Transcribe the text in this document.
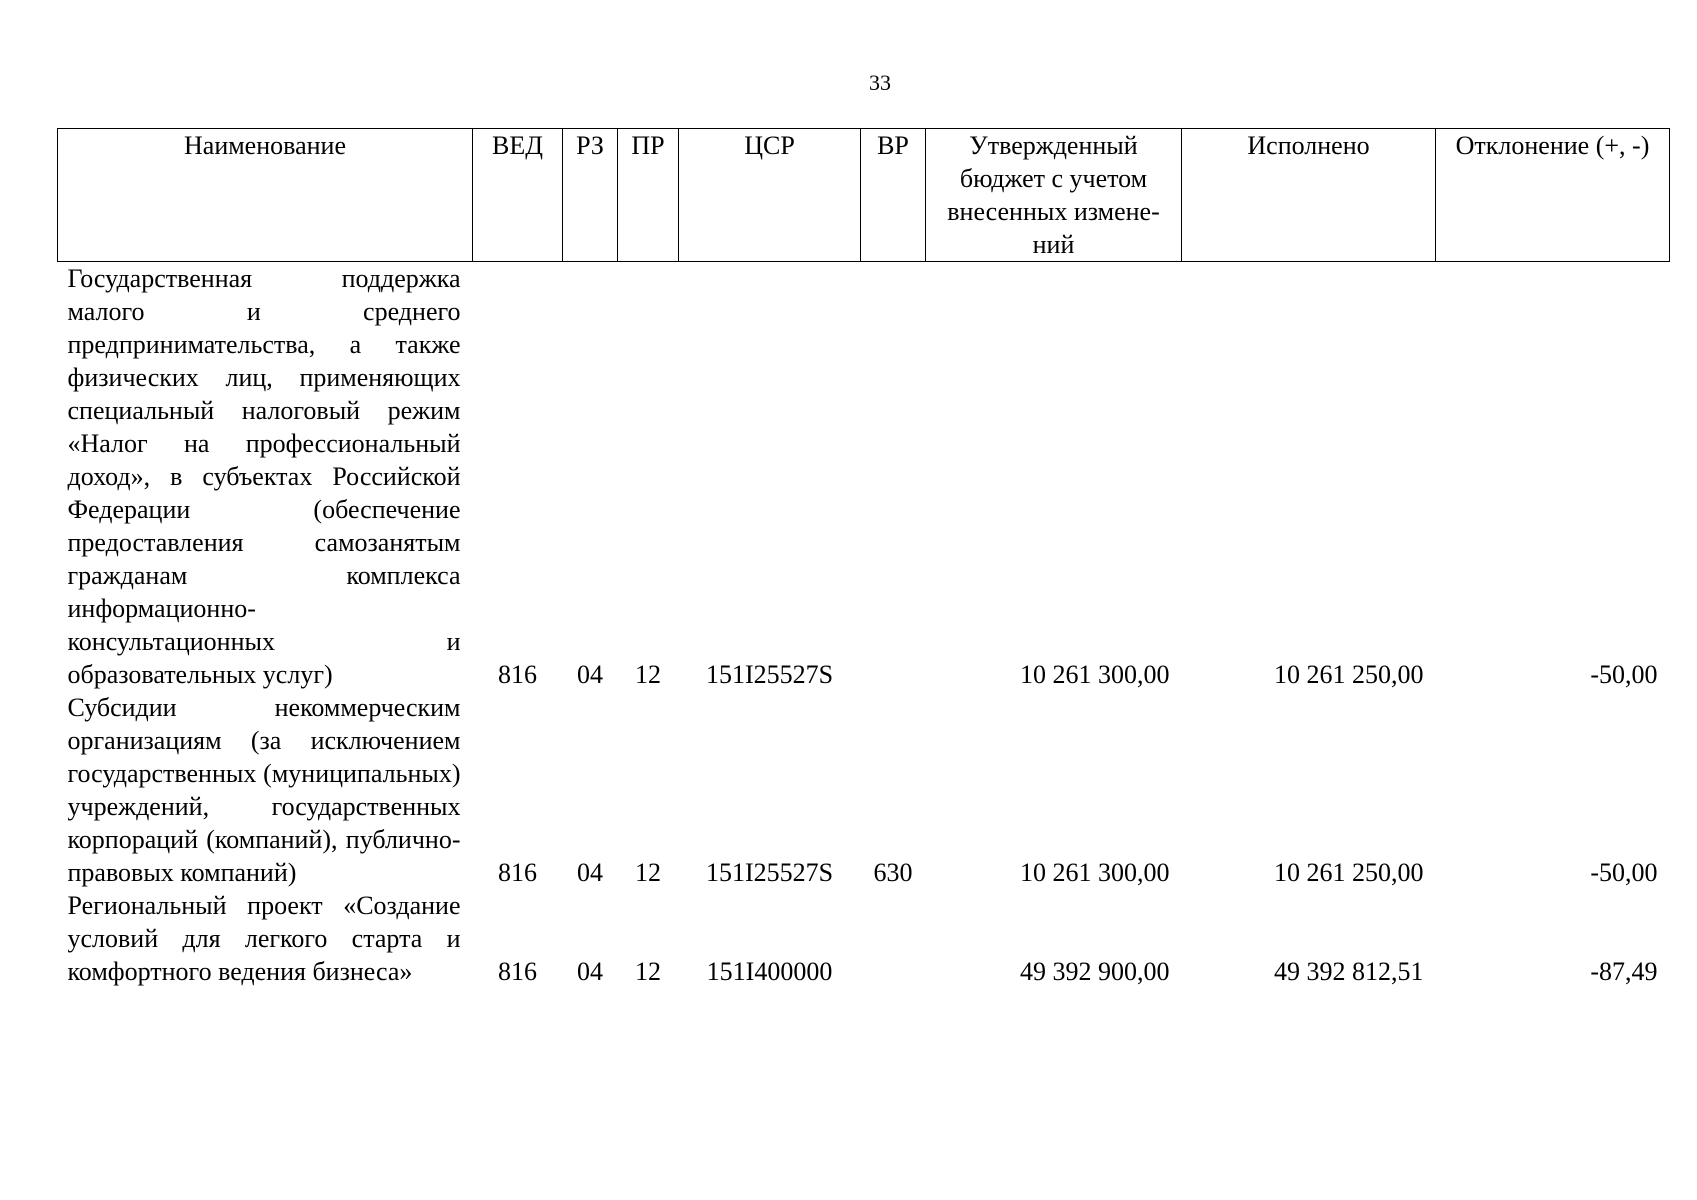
33
Наименование	ВЕД	РЗ	ПР	ЦСР	ВР	Утвержденный бюджет с учетом внесенных измене-ний	Исполнено	Отклонение (+, -)
Государственная поддержка малого и среднего предпринимательства, а также физических лиц, применяющих специальный налоговый режим «Налог на профессиональный доход», в субъектах Российской Федерации (обеспечение предоставления самозанятым гражданам комплекса информационно-консультационных и образовательных услуг)	816	04	12	151I25527S		10 261 300,00	10 261 250,00	-50,00
Субсидии некоммерческим организациям (за исключением государственных (муниципальных) учреждений, государственных корпораций (компаний), публично-правовых компаний)	816	04	12	151I25527S	630	10 261 300,00	10 261 250,00	-50,00
Региональный проект «Создание условий для легкого старта и комфортного ведения бизнеса»	816	04	12	151I400000		49 392 900,00	49 392 812,51	-87,49
